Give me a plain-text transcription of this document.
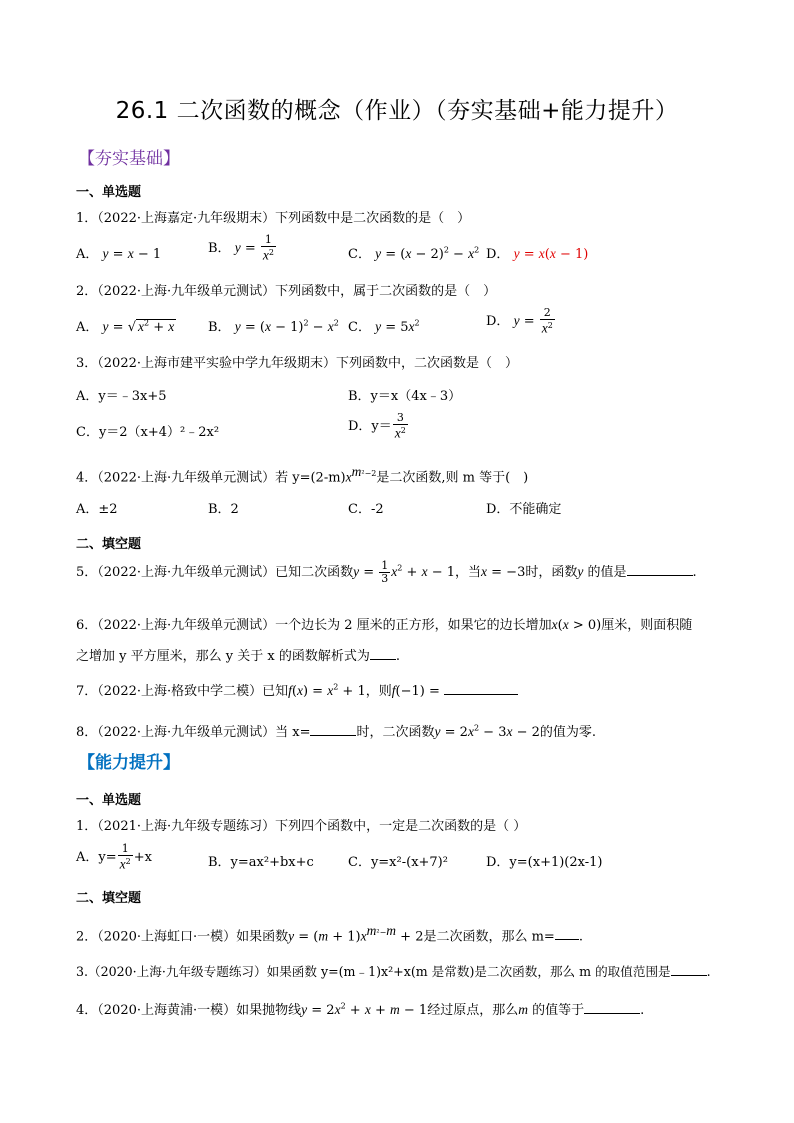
26.1 二次函数的概念（作业）（夯实基础+能力提升）
【夯实基础】
一、单选题
1．（2022·上海嘉定·九年级期末）下列函数中是二次函数的是（　）
A． y = x − 1	B． $y = \frac{1}{x^2}$	C． $y = (x - 2)^2 - x^2$ D． y = x(x − 1)
2．（2022·上海·九年级单元测试）下列函数中，属于二次函数的是（　）
A． y = √ $x^2 + x$	B． $y = (x - 1)^2 - x^2$ C． $y = 5x^2$	D． $y = \frac{2}{x^2}$
3．（2022·上海市建平实验中学九年级期末）下列函数中，二次函数是（　）
A．y＝﹣3x+5	B．y＝x（4x﹣3）
C．y＝2（x+4）²﹣2x²	D．$y= \frac{3}{x^2}$
4．（2022·上海·九年级单元测试）若 $y=(2-m)x^{m^2-2}$是二次函数,则 m 等于(　)
A．±2	B．2	C．-2	D．不能确定
二、填空题
5．（2022·上海·九年级单元测试）已知二次函数$y = \frac{1}{3} x^2 + x - 1$，当x = −3时，函数y 的值是	.
6．（2022·上海·九年级单元测试）一个边长为 2 厘米的正方形，如果它的边长增加x(x > 0)厘米，则面积随
之增加 y 平方厘米，那么 y 关于 x 的函数解析式为 .
7．（2022·上海·格致中学二模）已知$f(x) = x^2 + 1$，则f(−1) =
8．（2022·上海·九年级单元测试）当 x=	时，二次函数$y = 2x^2 - 3x - 2$的值为零.
【能力提升】
一、单选题
1．（2021·上海·九年级专题练习）下列四个函数中，一定是二次函数的是（ ）
A．$y= \frac{1}{x^2} +x$	B．y=ax²+bx+c	C．y=x²-(x+7)²	D．y=(x+1)(2x-1)
二、填空题
2．（2020·上海虹口·一模）如果函数$y = (m + 1)x^{m^2-m} + 2$是二次函数，那么 m= .
3.（2020·上海·九年级专题练习）如果函数 y=(m﹣1)x²+x(m 是常数)是二次函数，那么 m 的取值范围是	.
4．（2020·上海黄浦·一模）如果抛物线$y = 2x^2 + x + m - 1$经过原点，那么m 的值等于	.
